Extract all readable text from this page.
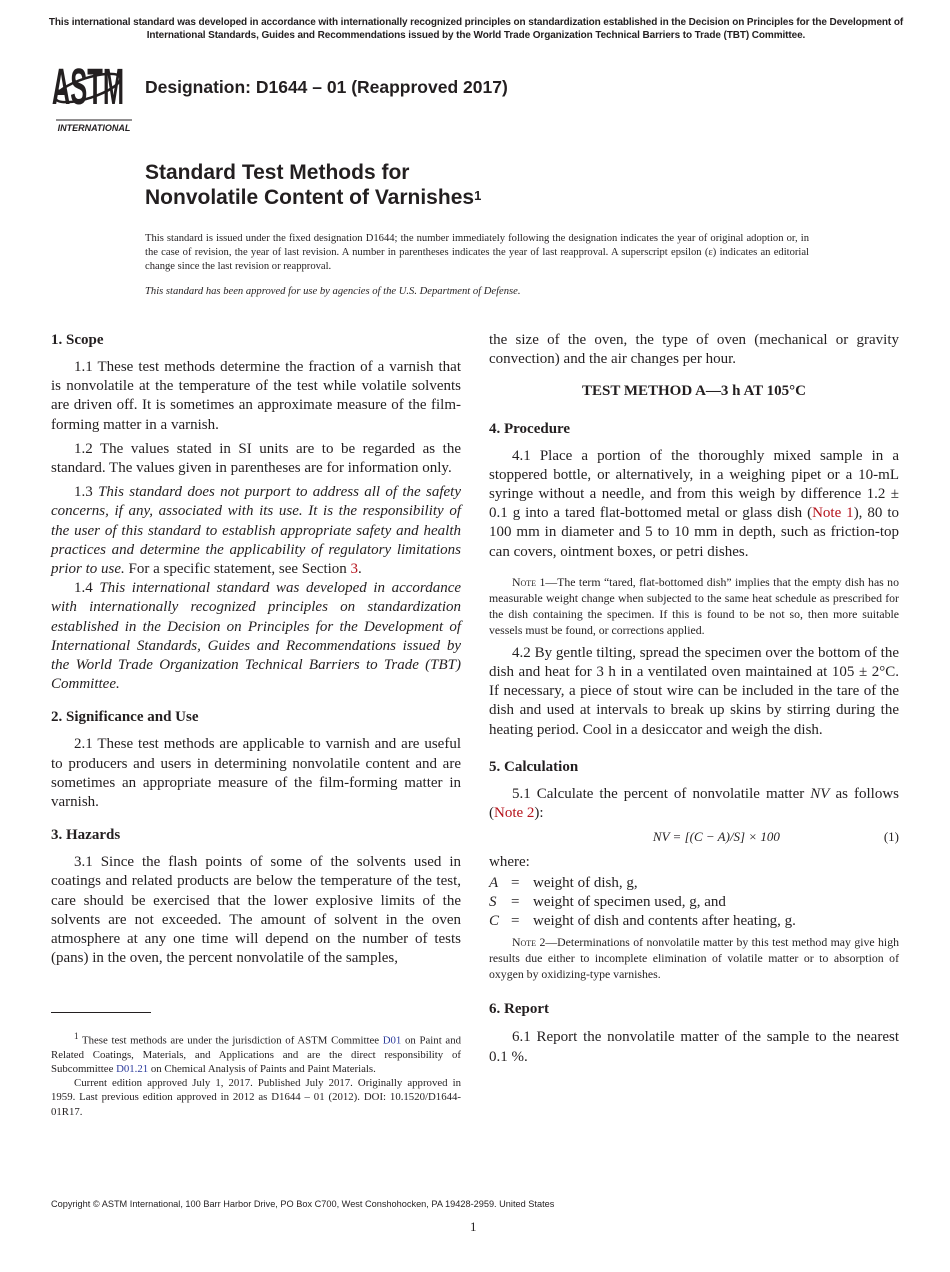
This international standard was developed in accordance with internationally recognized principles on standardization established in the Decision on Principles for the Development of International Standards, Guides and Recommendations issued by the World Trade Organization Technical Barriers to Trade (TBT) Committee.
ASTM
INTERNATIONAL
Designation: D1644 – 01 (Reapproved 2017)
Standard Test Methods for
Nonvolatile Content of Varnishes$^1$
This standard is issued under the fixed designation D1644; the number immediately following the designation indicates the year of original adoption or, in the case of revision, the year of last revision. A number in parentheses indicates the year of last reapproval. A superscript epsilon (ε) indicates an editorial change since the last revision or reapproval.
This standard has been approved for use by agencies of the U.S. Department of Defense.
1. Scope

1.1 These test methods determine the fraction of a varnish that is nonvolatile at the temperature of the test while volatile solvents are driven off. It is sometimes an approximate measure of the film-forming matter in a varnish.

1.2 The values stated in SI units are to be regarded as the standard. The values given in parentheses are for information only.

1.3 This standard does not purport to address all of the safety concerns, if any, associated with its use. It is the responsibility of the user of this standard to establish appropriate safety and health practices and determine the applicability of regulatory limitations prior to use. For a specific statement, see Section 3.

1.4 This international standard was developed in accordance with internationally recognized principles on standardization established in the Decision on Principles for the Development of International Standards, Guides and Recommendations issued by the World Trade Organization Technical Barriers to Trade (TBT) Committee.

2. Significance and Use

2.1 These test methods are applicable to varnish and are useful to producers and users in determining nonvolatile content and are sometimes an appropriate measure of the film-forming matter in varnish.

3. Hazards

3.1 Since the flash points of some of the solvents used in coatings and related products are below the temperature of the test, care should be exercised that the lower explosive limits of the solvents are not exceeded. The amount of solvent in the oven atmosphere at any one time will depend on the number of tests (pans) in the oven, the percent nonvolatile of the samples,

$^1$ These test methods are under the jurisdiction of ASTM Committee D01 on Paint and Related Coatings, Materials, and Applications and are the direct responsibility of Subcommittee D01.21 on Chemical Analysis of Paints and Paint Materials.

Current edition approved July 1, 2017. Published July 2017. Originally approved in 1959. Last previous edition approved in 2012 as D1644 – 01 (2012). DOI: 10.1520/D1644-01R17.

the size of the oven, the type of oven (mechanical or gravity convection) and the air changes per hour.

TEST METHOD A—3 h AT 105°C
4. Procedure

4.1 Place a portion of the thoroughly mixed sample in a stoppered bottle, or alternatively, in a weighing pipet or a 10-mL syringe without a needle, and from this weigh by difference 1.2 ± 0.1 g into a tared flat-bottomed metal or glass dish (Note 1), 80 to 100 mm in diameter and 5 to 10 mm in depth, such as friction-top can covers, ointment boxes, or petri dishes.

Note 1—The term “tared, flat-bottomed dish” implies that the empty dish has no measurable weight change when subjected to the same heat schedule as prescribed for the dish containing the specimen. If this is found to be not so, then more suitable vessels must be found, or corrections applied.

4.2 By gentle tilting, spread the specimen over the bottom of the dish and heat for 3 h in a ventilated oven maintained at 105 ± 2°C. If necessary, a piece of stout wire can be included in the tare of the dish and used at intervals to break up skins by stirring during the heating period. Cool in a desiccator and weigh the dish.

5. Calculation

5.1 Calculate the percent of nonvolatile matter NV as follows (Note 2):

NV = [(C − A)/S] × 100	(1)

where:

A = weight of dish, g,
S = weight of specimen used, g, and
C = weight of dish and contents after heating, g.

Note 2—Determinations of nonvolatile matter by this test method may give high results due either to incomplete elimination of volatile matter or to absorption of oxygen by oxidizing-type varnishes.

6. Report

6.1 Report the nonvolatile matter of the sample to the nearest 0.1 %.

Copyright © ASTM International, 100 Barr Harbor Drive, PO Box C700, West Conshohocken, PA 19428-2959. United States
1
